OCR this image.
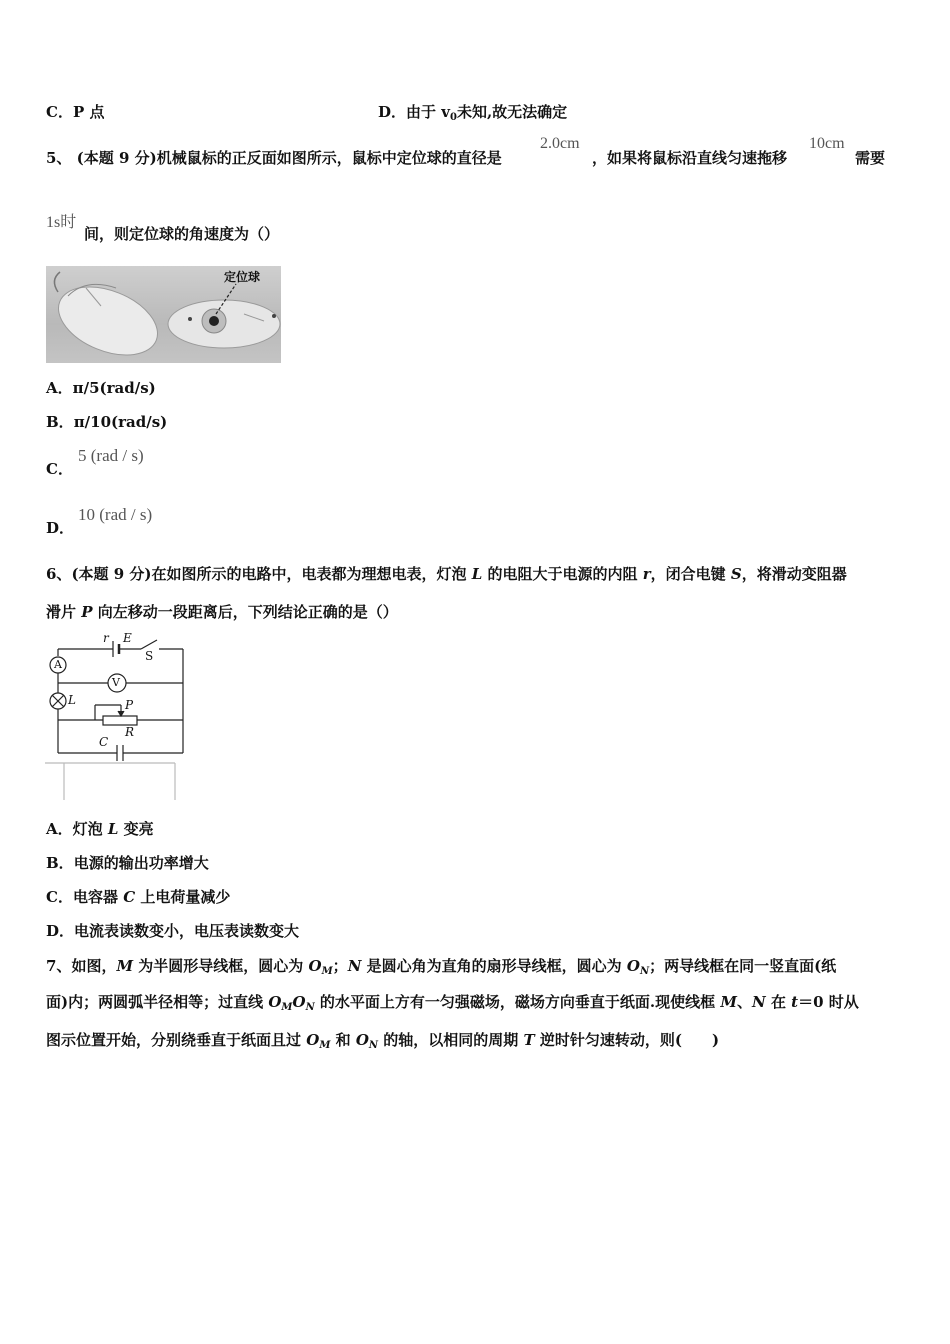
C．P 点	D．由于 $v_0$未知,故无法确定
5、 (本题 9 分)机械鼠标的正反面如图所示，鼠标中定位球的直径是
2.0cm
，如果将鼠标沿直线匀速拖移
10cm
需要
1s时
间，则定位球的角速度为（）
定位球
A．π/5(rad/s)
B．π/10(rad/s)
C．
5 (rad / s)
D．
10 (rad / s)
6、(本题 9 分)在如图所示的电路中，电表都为理想电表，灯泡 L 的电阻大于电源的内阻 r，闭合电键 S，将滑动变阻器
滑片 P 向左移动一段距离后，下列结论正确的是（）
r E
S
A
V
L	P
R
C
A．灯泡 L 变亮
B．电源的输出功率增大
C．电容器 C 上电荷量减少
D．电流表读数变小，电压表读数变大
7、如图，M 为半圆形导线框，圆心为 $O_M$；N 是圆心角为直角的扇形导线框，圆心为 $O_N$；两导线框在同一竖直面(纸
面)内；两圆弧半径相等；过直线 $O_MO_N$ 的水平面上方有一匀强磁场，磁场方向垂直于纸面.现使线框 M、N 在 t＝0 时从
图示位置开始，分别绕垂直于纸面且过 $O_M$ 和 $O_N$ 的轴，以相同的周期 T 逆时针匀速转动，则(　　)
